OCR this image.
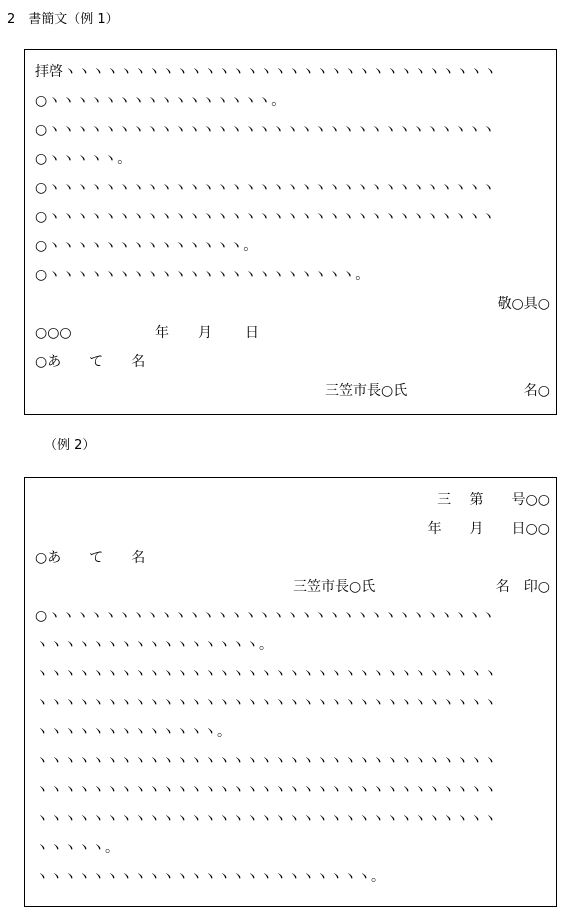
2　書簡文（例 1）
拝啓ヽヽヽヽヽヽヽヽヽヽヽヽヽヽヽヽヽヽヽヽヽヽヽヽヽヽヽヽヽヽヽ
○ヽヽヽヽヽヽヽヽヽヽヽヽヽヽヽヽ。
○ヽヽヽヽヽヽヽヽヽヽヽヽヽヽヽヽヽヽヽヽヽヽヽヽヽヽヽヽヽヽヽヽ
○ヽヽヽヽヽ。
○ヽヽヽヽヽヽヽヽヽヽヽヽヽヽヽヽヽヽヽヽヽヽヽヽヽヽヽヽヽヽヽヽ
○ヽヽヽヽヽヽヽヽヽヽヽヽヽヽヽヽヽヽヽヽヽヽヽヽヽヽヽヽヽヽヽヽ
○ヽヽヽヽヽヽヽヽヽヽヽヽヽヽ。
○ヽヽヽヽヽヽヽヽヽヽヽヽヽヽヽヽヽヽヽヽヽヽ。
敬○具○
○○○	年 月 日
○あ　　て　　名
三笠市長○氏	名○
（例 2）
三　 第　　号○○
年　　月　　日○○
○あ　　て　　名
三笠市長○氏	名　印○
○ヽヽヽヽヽヽヽヽヽヽヽヽヽヽヽヽヽヽヽヽヽヽヽヽヽヽヽヽヽヽヽヽ
ヽヽヽヽヽヽヽヽヽヽヽヽヽヽヽヽ。
ヽヽヽヽヽヽヽヽヽヽヽヽヽヽヽヽヽヽヽヽヽヽヽヽヽヽヽヽヽヽヽヽヽ
ヽヽヽヽヽヽヽヽヽヽヽヽヽヽヽヽヽヽヽヽヽヽヽヽヽヽヽヽヽヽヽヽヽ
ヽヽヽヽヽヽヽヽヽヽヽヽヽ。
ヽヽヽヽヽヽヽヽヽヽヽヽヽヽヽヽヽヽヽヽヽヽヽヽヽヽヽヽヽヽヽヽヽ
ヽヽヽヽヽヽヽヽヽヽヽヽヽヽヽヽヽヽヽヽヽヽヽヽヽヽヽヽヽヽヽヽヽ
ヽヽヽヽヽヽヽヽヽヽヽヽヽヽヽヽヽヽヽヽヽヽヽヽヽヽヽヽヽヽヽヽヽ
ヽヽヽヽヽ。
ヽヽヽヽヽヽヽヽヽヽヽヽヽヽヽヽヽヽヽヽヽヽヽヽ。
